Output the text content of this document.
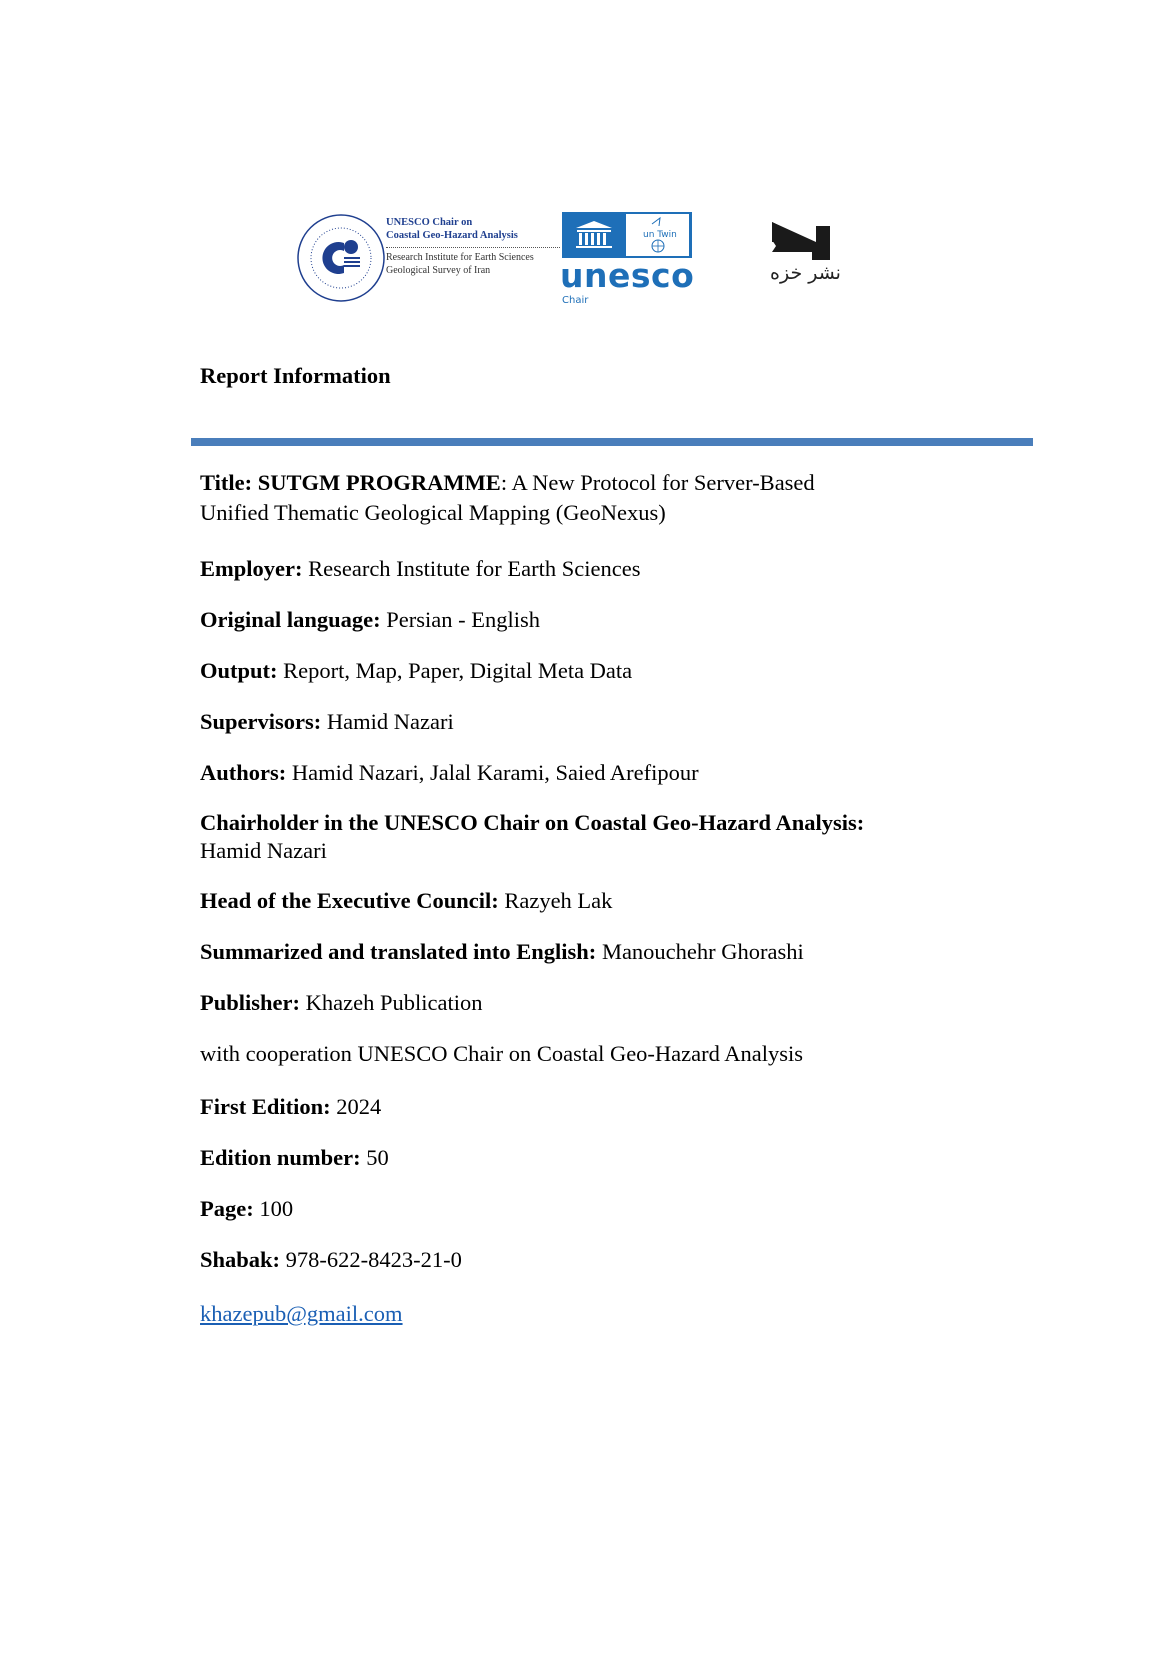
UNESCO Chair on
Coastal Geo-Hazard Analysis
Research Institute for Earth Sciences
Geological Survey of Iran
un Twin
unesco
Chair
نشر خزه
Report Information
Title: SUTGM PROGRAMME: A New Protocol for Server-Based
Unified Thematic Geological Mapping (GeoNexus)
Employer: Research Institute for Earth Sciences
Original language: Persian - English
Output: Report, Map, Paper, Digital Meta Data
Supervisors: Hamid Nazari
Authors: Hamid Nazari, Jalal Karami, Saied Arefipour
Chairholder in the UNESCO Chair on Coastal Geo-Hazard Analysis:
Hamid Nazari
Head of the Executive Council: Razyeh Lak
Summarized and translated into English: Manouchehr Ghorashi
Publisher: Khazeh Publication
with cooperation UNESCO Chair on Coastal Geo-Hazard Analysis
First Edition: 2024
Edition number: 50
Page: 100
Shabak: 978-622-8423-21-0
khazepub@gmail.com
